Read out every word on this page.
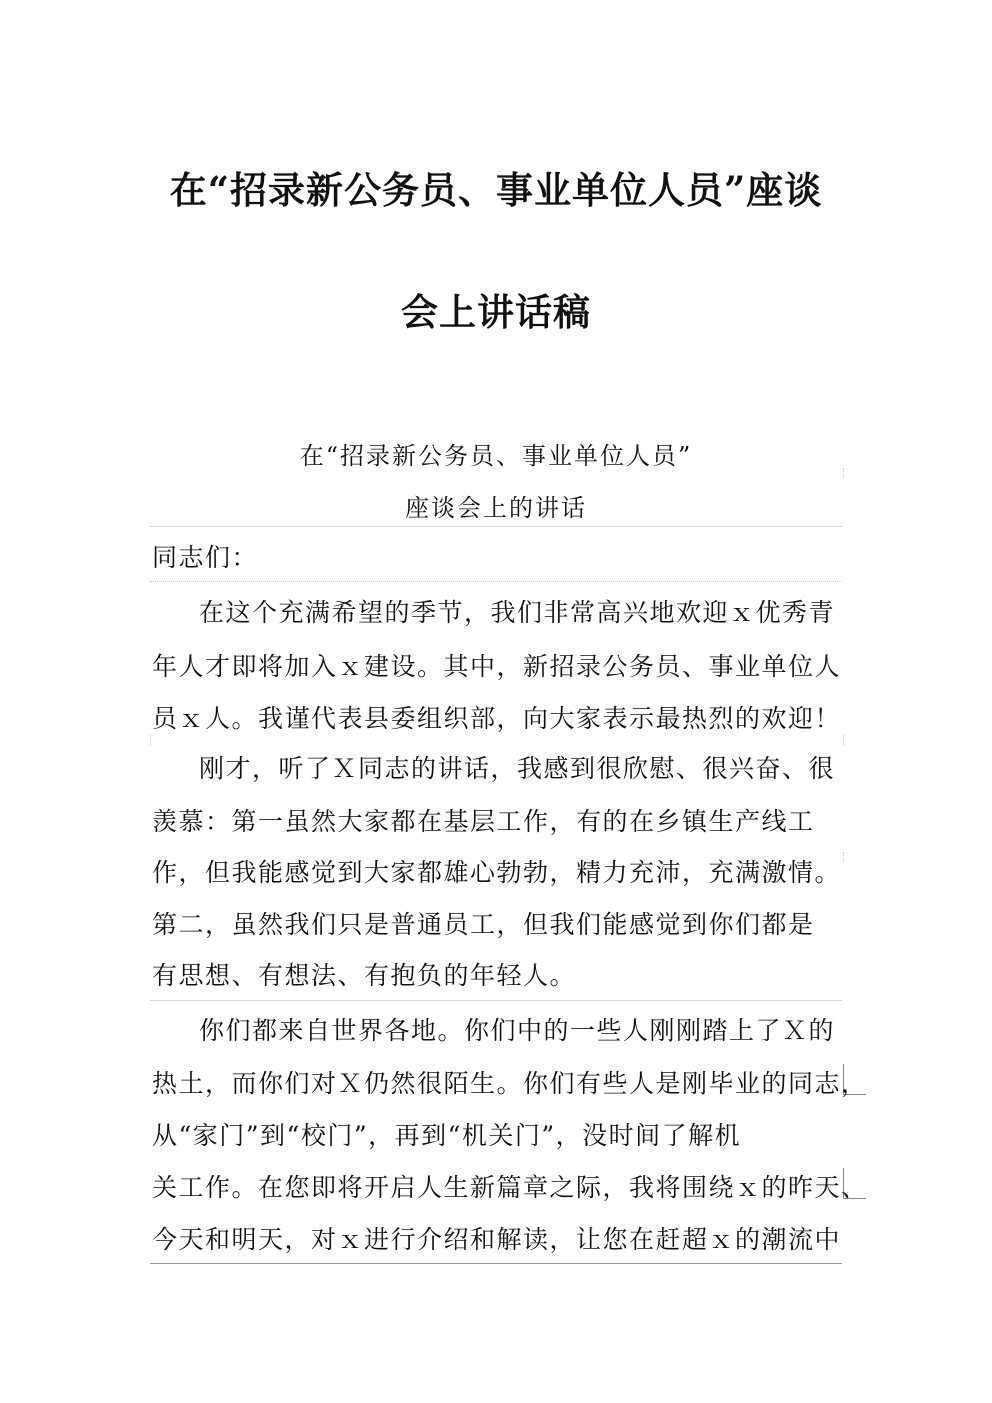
在“招录新公务员、事业单位人员”座谈
会上讲话稿
在“招录新公务员、事业单位人员”
座谈会上的讲话
同志们：
在这个充满希望的季节，我们非常高兴地欢迎ｘ优秀青
年人才即将加入ｘ建设。其中，新招录公务员、事业单位人
员ｘ人。我谨代表县委组织部，向大家表示最热烈的欢迎！
刚才，听了Ｘ同志的讲话，我感到很欣慰、很兴奋、很
羡慕：第一虽然大家都在基层工作，有的在乡镇生产线工
作，但我能感觉到大家都雄心勃勃，精力充沛，充满激情。
第二，虽然我们只是普通员工，但我们能感觉到你们都是
有思想、有想法、有抱负的年轻人。
你们都来自世界各地。你们中的一些人刚刚踏上了Ｘ的
热土，而你们对Ｘ仍然很陌生。你们有些人是刚毕业的同志，
从“家门”到“校门”，再到“机关门”，没时间了解机
关工作。在您即将开启人生新篇章之际，我将围绕ｘ的昨天、
今天和明天，对ｘ进行介绍和解读，让您在赶超ｘ的潮流中
